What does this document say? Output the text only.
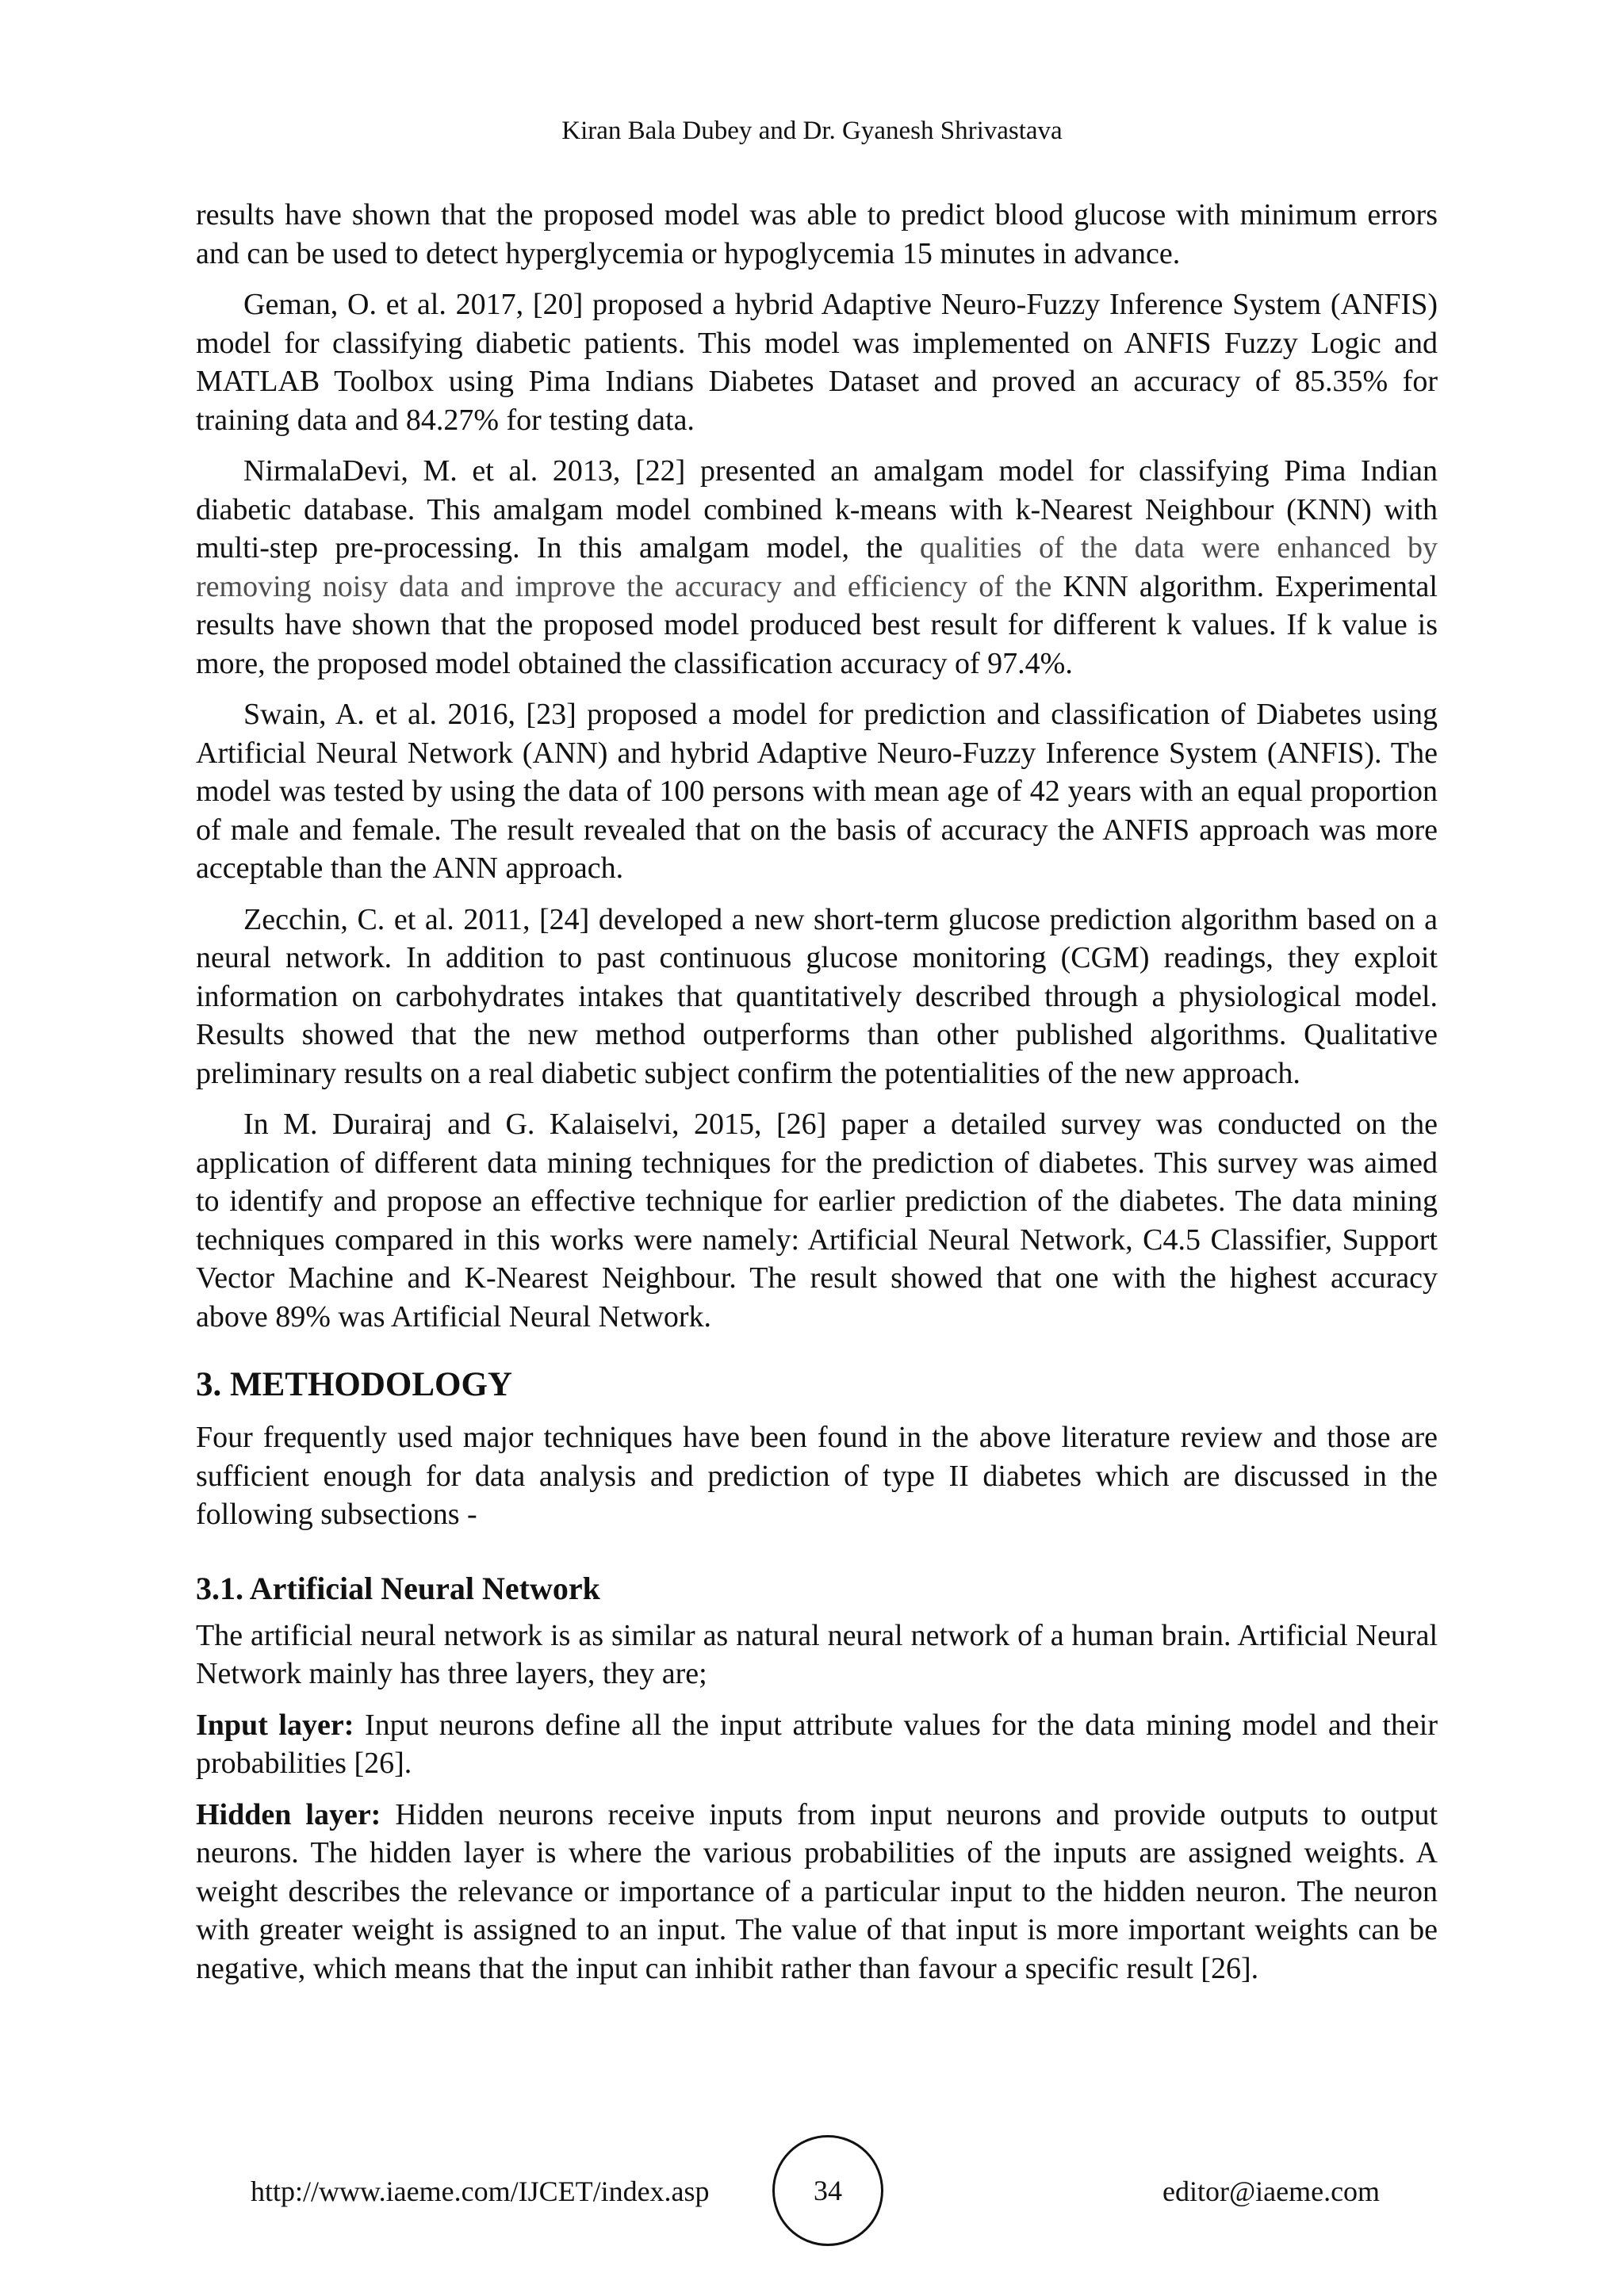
Kiran Bala Dubey and Dr. Gyanesh Shrivastava

results have shown that the proposed model was able to predict blood glucose with minimum errors and can be used to detect hyperglycemia or hypoglycemia 15 minutes in advance.

Geman, O. et al. 2017, [20] proposed a hybrid Adaptive Neuro-Fuzzy Inference System (ANFIS) model for classifying diabetic patients. This model was implemented on ANFIS Fuzzy Logic and MATLAB Toolbox using Pima Indians Diabetes Dataset and proved an accuracy of 85.35% for training data and 84.27% for testing data.

NirmalaDevi, M. et al. 2013, [22] presented an amalgam model for classifying Pima Indian diabetic database. This amalgam model combined k-means with k-Nearest Neighbour (KNN) with multi-step pre-processing. In this amalgam model, the qualities of the data were enhanced by removing noisy data and improve the accuracy and efficiency of the KNN algorithm. Experimental results have shown that the proposed model produced best result for different k values. If k value is more, the proposed model obtained the classification accuracy of 97.4%.

Swain, A. et al. 2016, [23] proposed a model for prediction and classification of Diabetes using Artificial Neural Network (ANN) and hybrid Adaptive Neuro-Fuzzy Inference System (ANFIS). The model was tested by using the data of 100 persons with mean age of 42 years with an equal proportion of male and female. The result revealed that on the basis of accuracy the ANFIS approach was more acceptable than the ANN approach.

Zecchin, C. et al. 2011, [24] developed a new short-term glucose prediction algorithm based on a neural network. In addition to past continuous glucose monitoring (CGM) readings, they exploit information on carbohydrates intakes that quantitatively described through a physiological model. Results showed that the new method outperforms than other published algorithms. Qualitative preliminary results on a real diabetic subject confirm the potentialities of the new approach.

In M. Durairaj and G. Kalaiselvi, 2015, [26] paper a detailed survey was conducted on the application of different data mining techniques for the prediction of diabetes. This survey was aimed to identify and propose an effective technique for earlier prediction of the diabetes. The data mining techniques compared in this works were namely: Artificial Neural Network, C4.5 Classifier, Support Vector Machine and K-Nearest Neighbour. The result showed that one with the highest accuracy above 89% was Artificial Neural Network.

3. METHODOLOGY

Four frequently used major techniques have been found in the above literature review and those are sufficient enough for data analysis and prediction of type II diabetes which are discussed in the following subsections -

3.1. Artificial Neural Network

The artificial neural network is as similar as natural neural network of a human brain. Artificial Neural Network mainly has three layers, they are;

Input layer: Input neurons define all the input attribute values for the data mining model and their probabilities [26].

Hidden layer: Hidden neurons receive inputs from input neurons and provide outputs to output neurons. The hidden layer is where the various probabilities of the inputs are assigned weights. A weight describes the relevance or importance of a particular input to the hidden neuron. The neuron with greater weight is assigned to an input. The value of that input is more important weights can be negative, which means that the input can inhibit rather than favour a specific result [26].

http://www.iaeme.com/IJCET/index.asp	34	editor@iaeme.com
